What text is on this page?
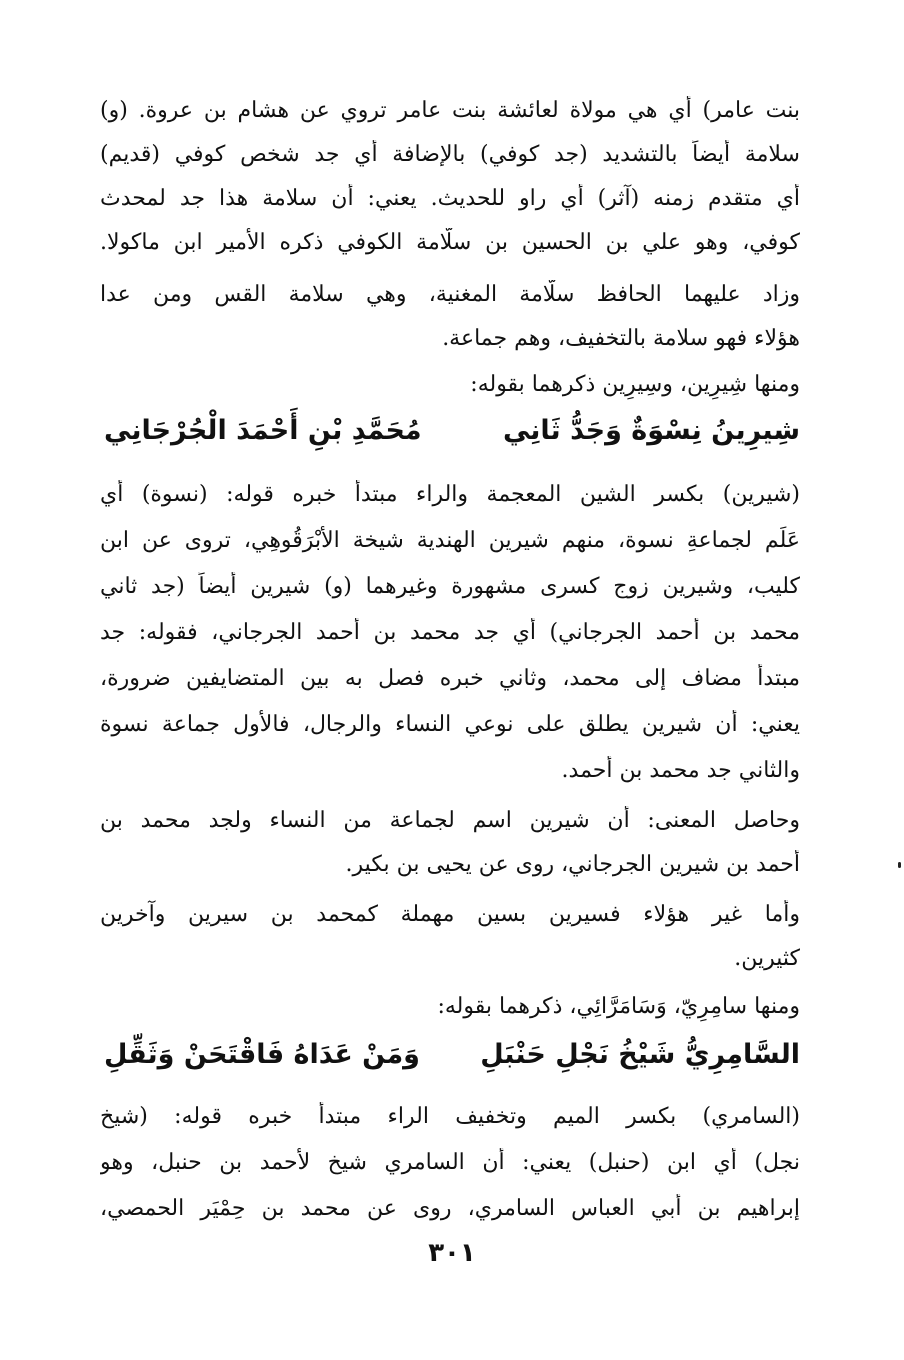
بنت عامر) أي هي مولاة لعائشة بنت عامر تروي عن هشام بن عروة. (و)
سلامة أيضاً بالتشديد (جد كوفي) بالإضافة أي جد شخص كوفي (قديم)
أي متقدم زمنه (آثر) أي راو للحديث. يعني: أن سلامة هذا جد لمحدث
كوفي، وهو علي بن الحسين بن سلّامة الكوفي ذكره الأمير ابن ماكولا.
وزاد عليهما الحافظ سلّامة المغنية، وهي سلامة القس ومن عدا
هؤلاء فهو سلامة بالتخفيف، وهم جماعة.
ومنها شِيرِين، وسِيرِين ذكرهما بقوله:
شِيرِينُ نِسْوَةٌ وَجَدُّ ثَانِي
مُحَمَّدِ بْنِ أَحْمَدَ الْجُرْجَانِي
(شيرين) بكسر الشين المعجمة والراء مبتدأ خبره قوله: (نسوة) أي
عَلَم لجماعةِ نسوة، منهم شيرين الهندية شيخة الأَبْرَقُوهِي، تروى عن ابن
كليب، وشيرين زوج كسرى مشهورة وغيرهما (و) شيرين أيضاً (جد ثاني
محمد بن أحمد الجرجاني) أي جد محمد بن أحمد الجرجاني، فقوله: جد
مبتدأ مضاف إلى محمد، وثاني خبره فصل به بين المتضايفين ضرورة،
يعني: أن شيرين يطلق على نوعي النساء والرجال، فالأول جماعة نسوة
والثاني جد محمد بن أحمد.
وحاصل المعنى: أن شيرين اسم لجماعة من النساء ولجد محمد بن
أحمد بن شيرين الجرجاني، روى عن يحيى بن بكير.
وأما غير هؤلاء فسيرين بسين مهملة كمحمد بن سيرين وآخرين
كثيرين.
ومنها سامِرِيّ، وَسَامَرَّائِي، ذكرهما بقوله:
السَّامِرِيُّ شَيْخُ نَجْلِ حَنْبَلِ
وَمَنْ عَدَاهُ فَاقْتَحَنْ وَثَقِّلِ
(السامري) بكسر الميم وتخفيف الراء مبتدأ خبره قوله: (شيخ
نجل) أي ابن (حنبل) يعني: أن السامري شيخ لأحمد بن حنبل، وهو
إبراهيم بن أبي العباس السامري، روى عن محمد بن حِمْيَر الحمصي،
٣٠١
